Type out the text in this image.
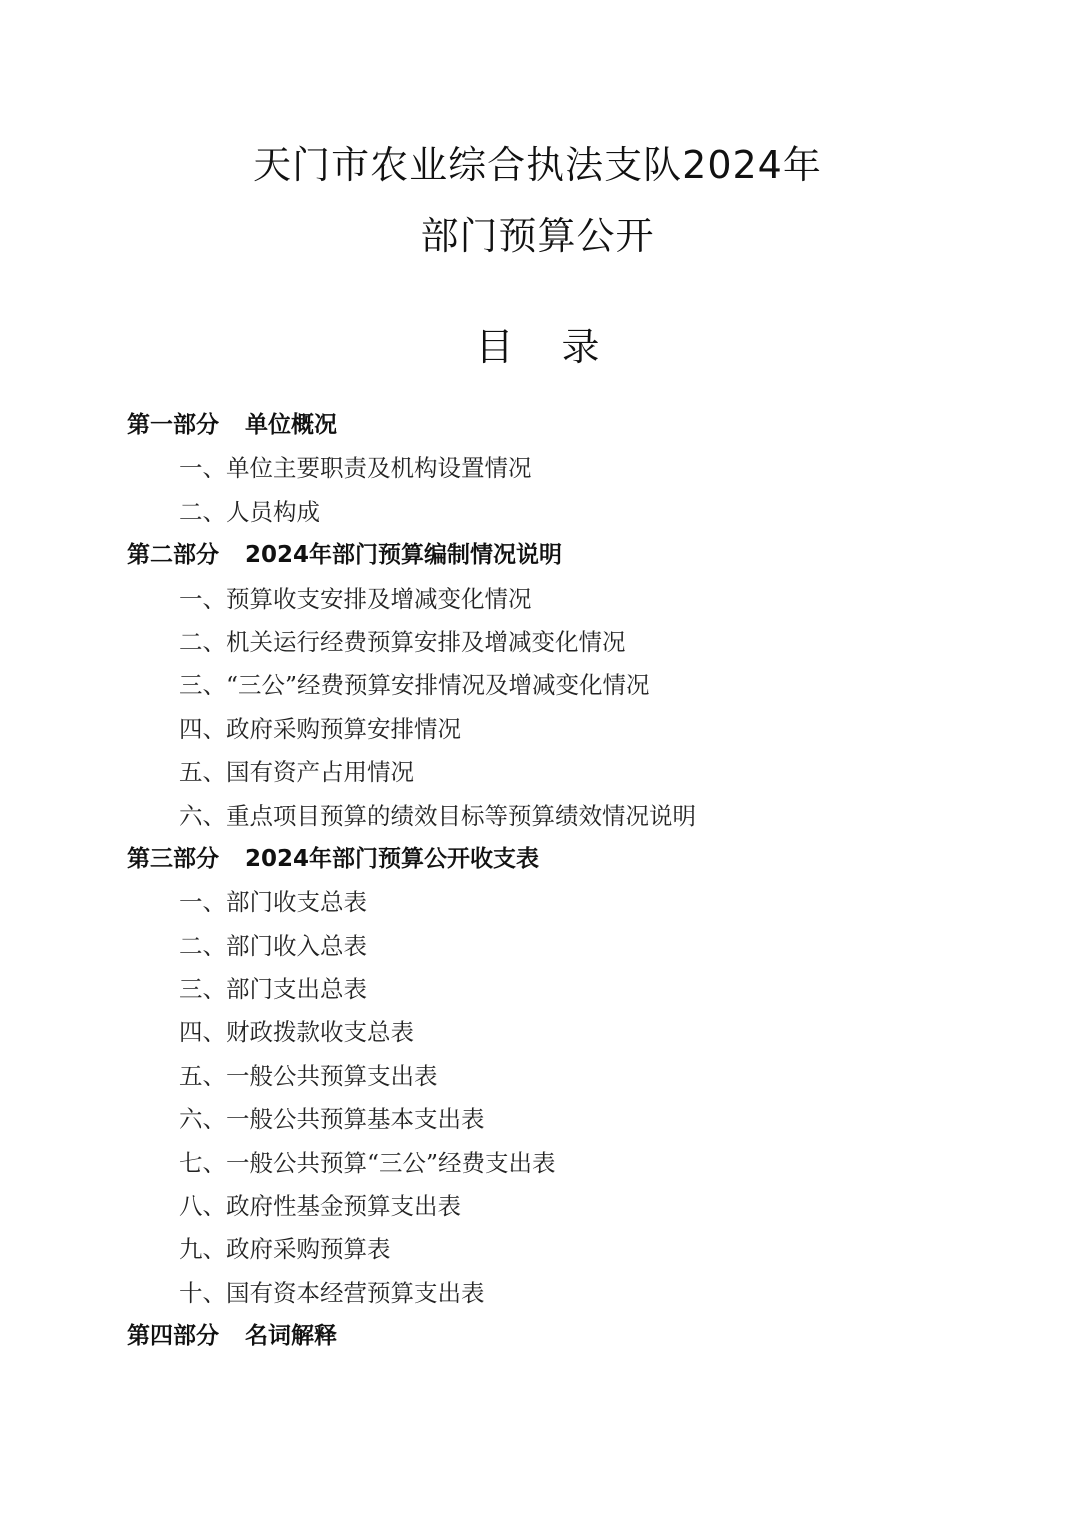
天门市农业综合执法支队2024年
部门预算公开
目录
第一部分 单位概况
一、单位主要职责及机构设置情况
二、人员构成
第二部分 2024年部门预算编制情况说明
一、预算收支安排及增减变化情况
二、机关运行经费预算安排及增减变化情况
三、“三公”经费预算安排情况及增减变化情况
四、政府采购预算安排情况
五、国有资产占用情况
六、重点项目预算的绩效目标等预算绩效情况说明
第三部分 2024年部门预算公开收支表
一、部门收支总表
二、部门收入总表
三、部门支出总表
四、财政拨款收支总表
五、一般公共预算支出表
六、一般公共预算基本支出表
七、一般公共预算“三公”经费支出表
八、政府性基金预算支出表
九、政府采购预算表
十、国有资本经营预算支出表
第四部分 名词解释
